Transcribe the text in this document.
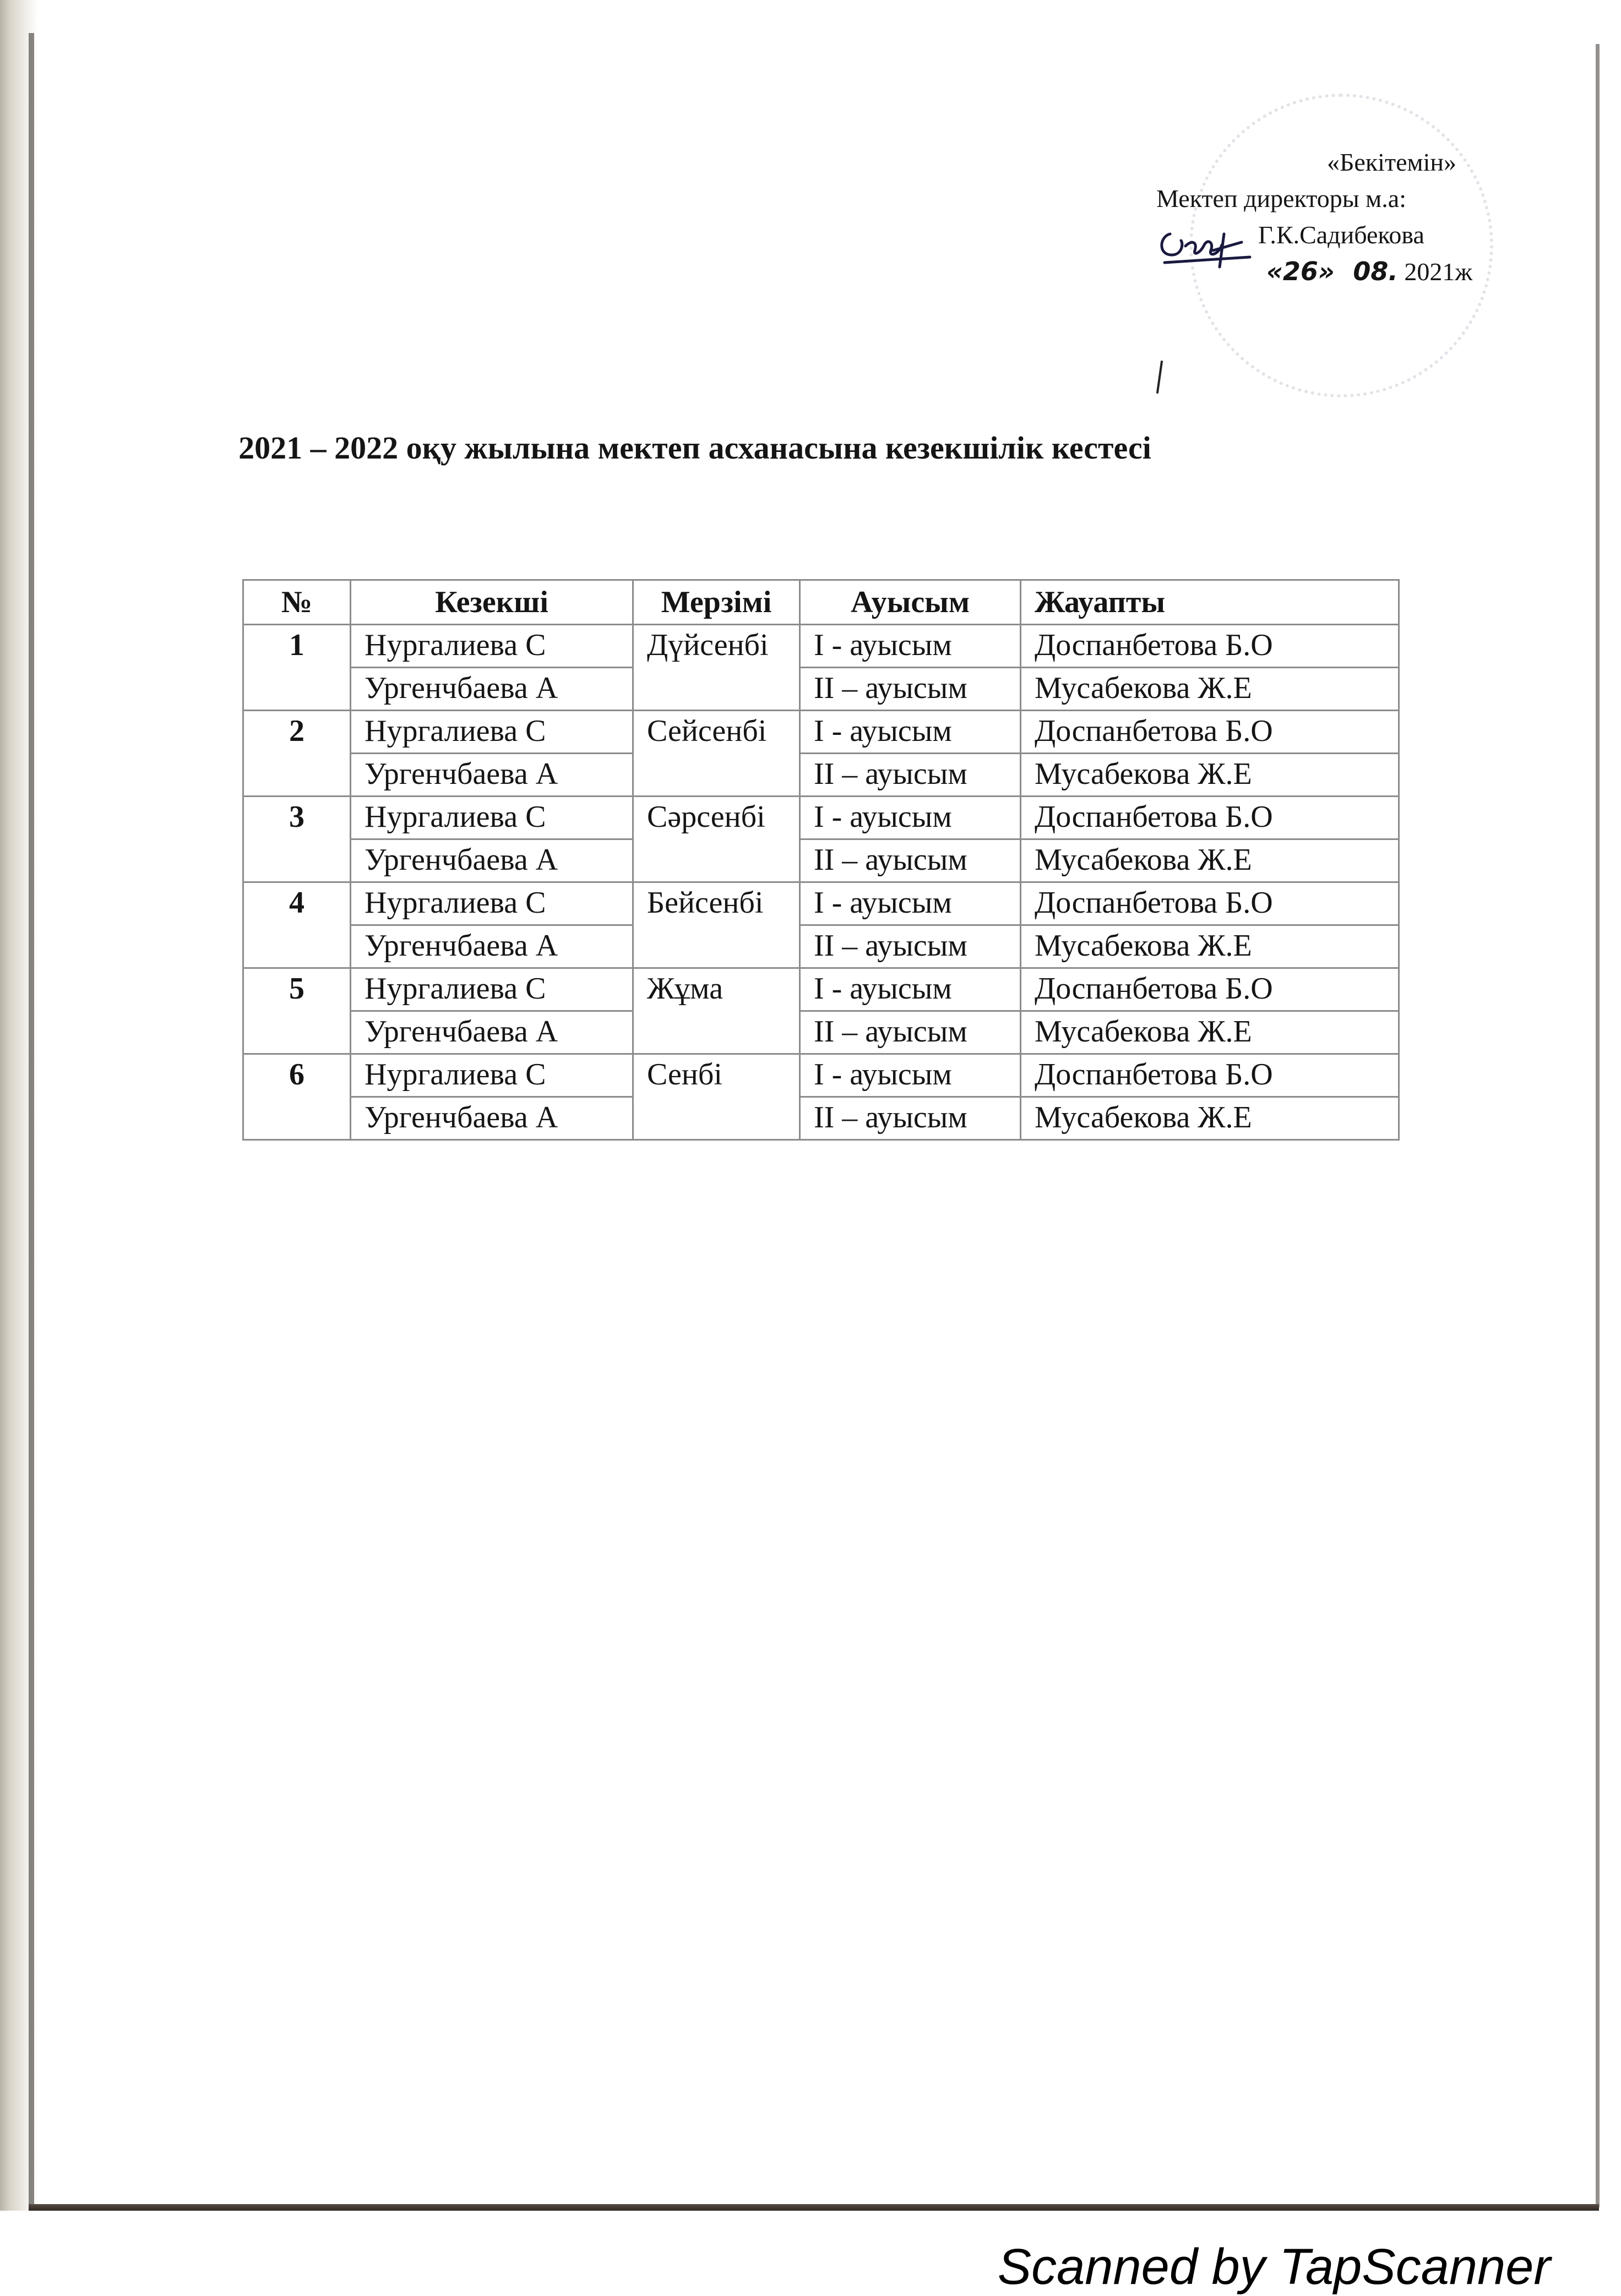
«Бекітемін»
Мектеп директоры м.а:
Г.К.Садибекова
«26» 08. 2021ж
2021 – 2022 оқу жылына мектеп асханасына кезекшілік кестесі
№	Кезекші	Мерзімі	Ауысым	Жауапты
1	Нургалиева С	Дүйсенбі	І - ауысым	Доспанбетова Б.О
	Ургенчбаева А		ІІ – ауысым	Мусабекова Ж.Е
2	Нургалиева С	Сейсенбі	І - ауысым	Доспанбетова Б.О
	Ургенчбаева А		ІІ – ауысым	Мусабекова Ж.Е
3	Нургалиева С	Сәрсенбі	І - ауысым	Доспанбетова Б.О
	Ургенчбаева А		ІІ – ауысым	Мусабекова Ж.Е
4	Нургалиева С	Бейсенбі	І - ауысым	Доспанбетова Б.О
	Ургенчбаева А		ІІ – ауысым	Мусабекова Ж.Е
5	Нургалиева С	Жұма	І - ауысым	Доспанбетова Б.О
	Ургенчбаева А		ІІ – ауысым	Мусабекова Ж.Е
6	Нургалиева С	Сенбі	І - ауысым	Доспанбетова Б.О
	Ургенчбаева А		ІІ – ауысым	Мусабекова Ж.Е
Scanned by TapScanner
